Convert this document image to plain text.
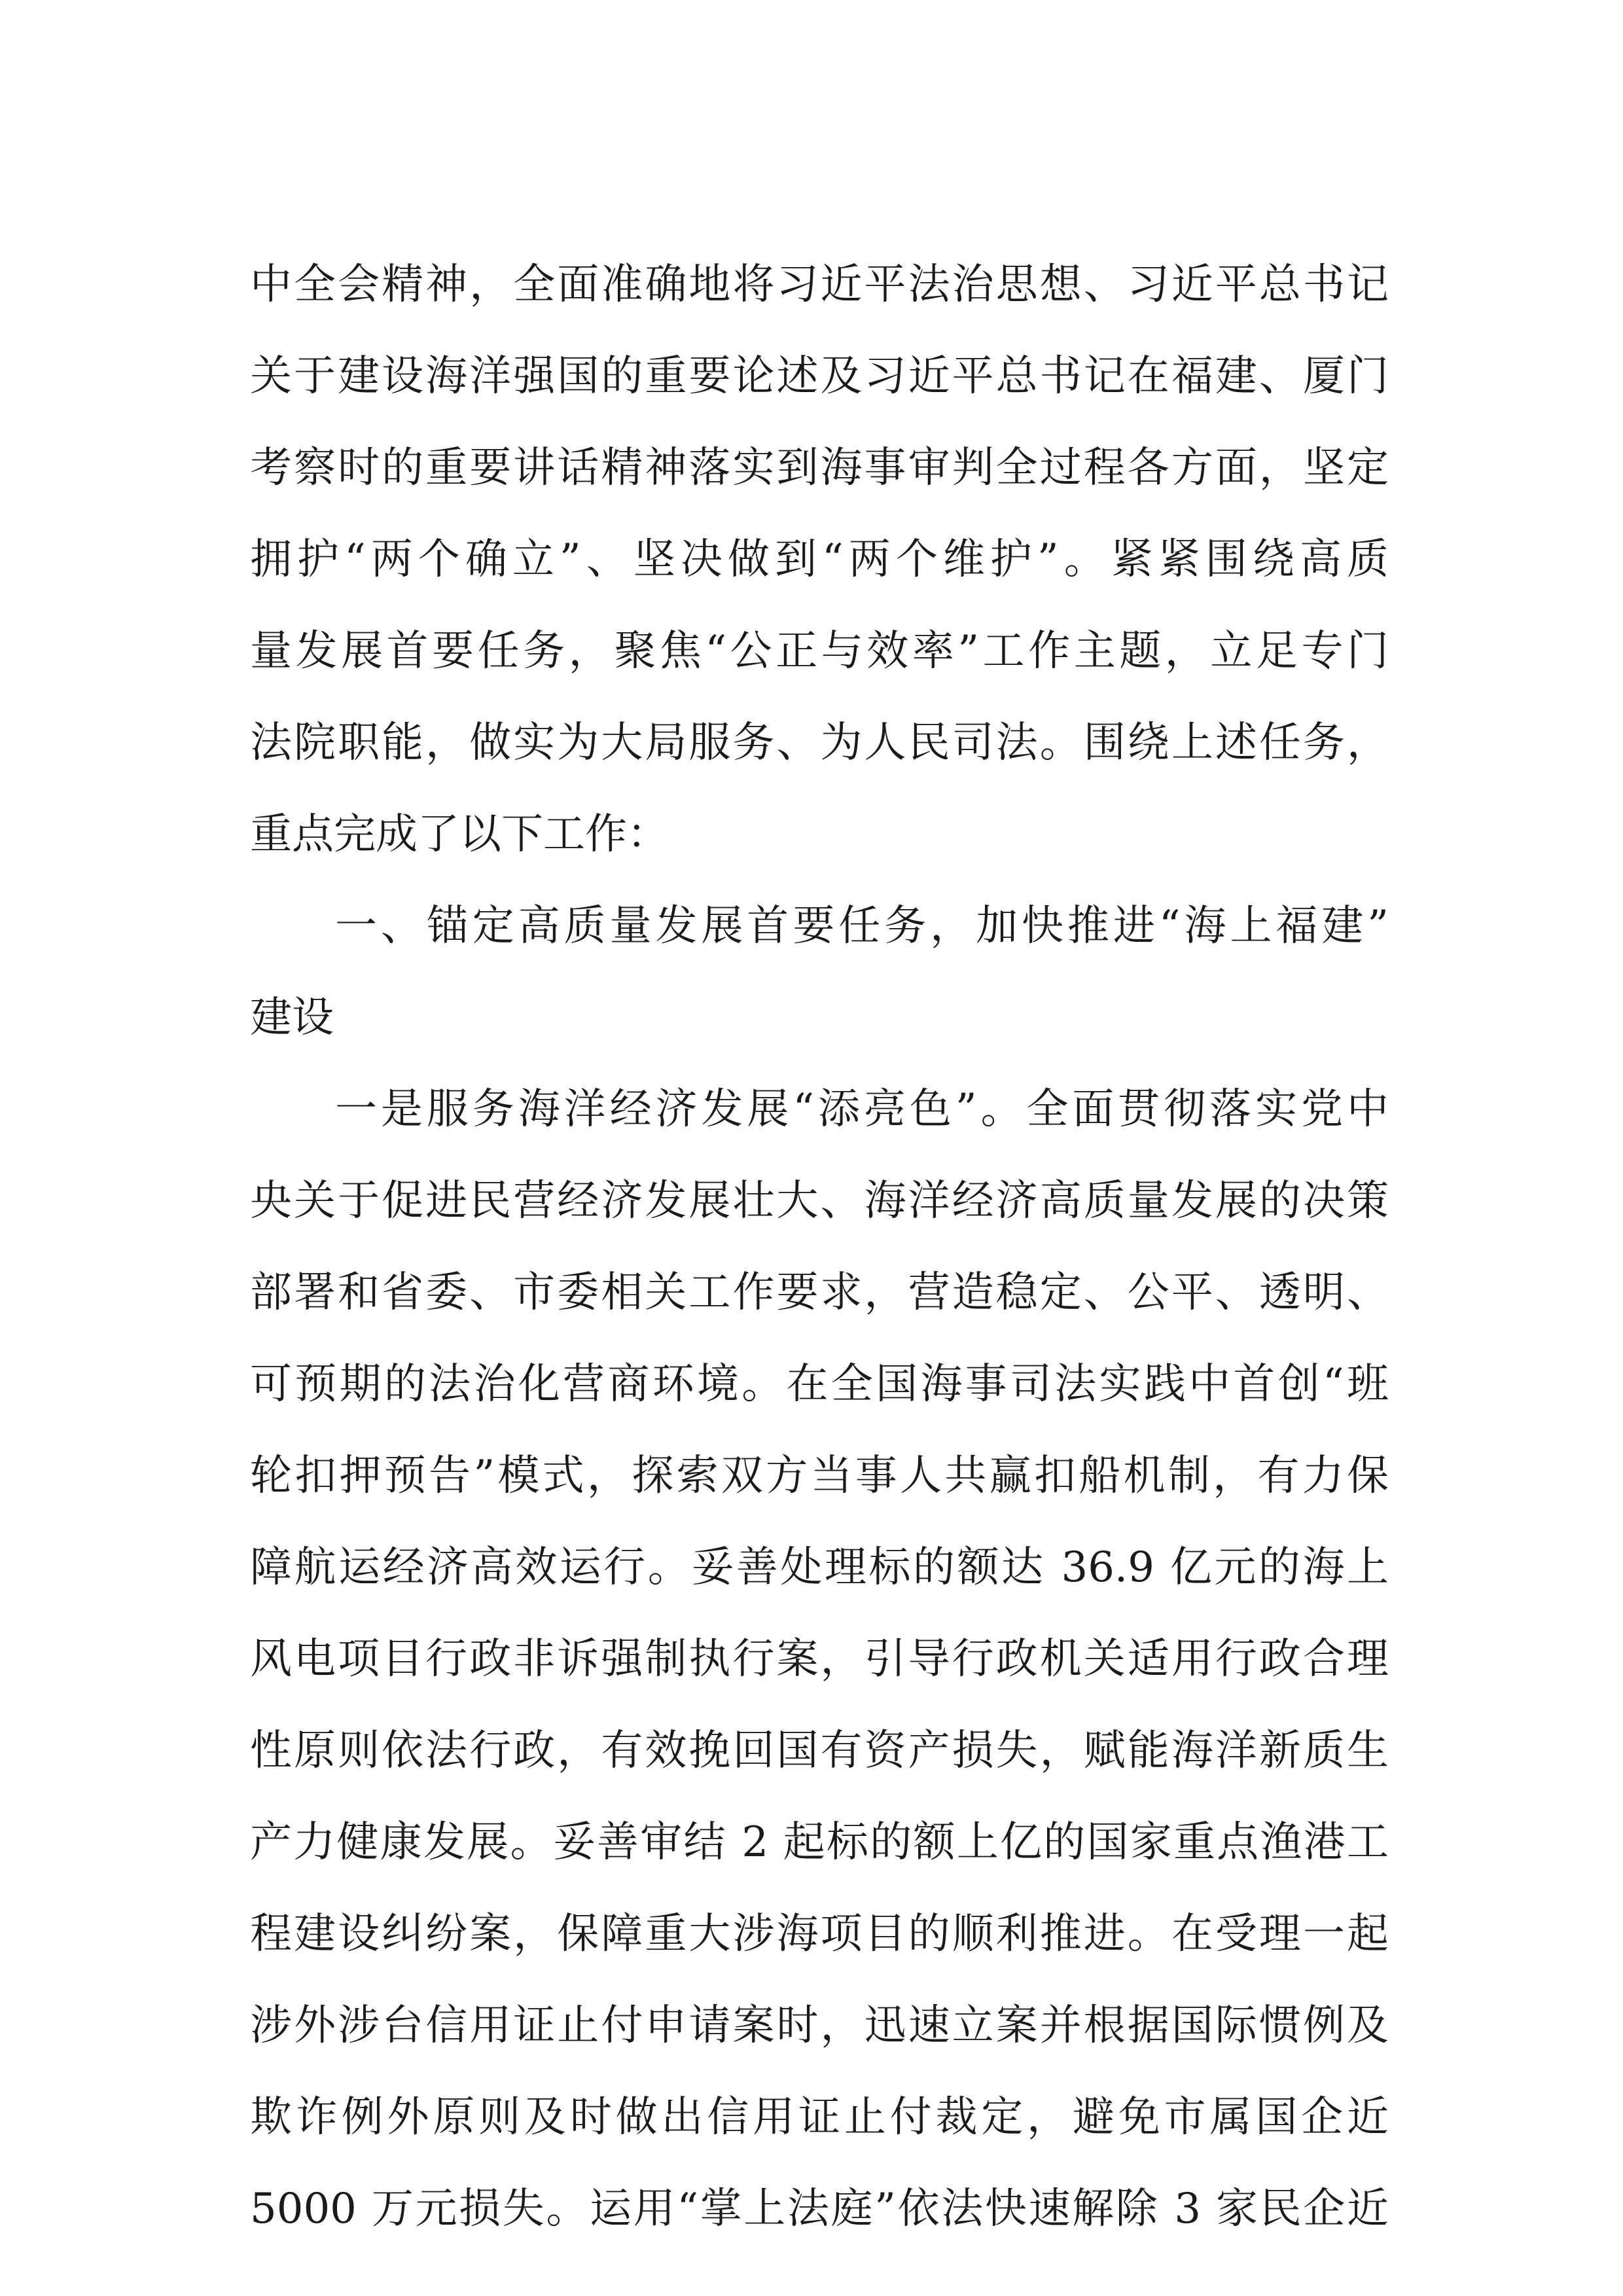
中全会精神，全面准确地将习近平法治思想、习近平总书记
关于建设海洋强国的重要论述及习近平总书记在福建、厦门
考察时的重要讲话精神落实到海事审判全过程各方面，坚定
拥护“两个确立”、坚决做到“两个维护”。紧紧围绕高质
量发展首要任务，聚焦“公正与效率”工作主题，立足专门
法院职能，做实为大局服务、为人民司法。围绕上述任务，
重点完成了以下工作：
一、锚定高质量发展首要任务，加快推进“海上福建”
建设
一是服务海洋经济发展“添亮色”。全面贯彻落实党中
央关于促进民营经济发展壮大、海洋经济高质量发展的决策
部署和省委、市委相关工作要求，营造稳定、公平、透明、
可预期的法治化营商环境。在全国海事司法实践中首创“班
轮扣押预告”模式，探索双方当事人共赢扣船机制，有力保
障航运经济高效运行。妥善处理标的额达 36.9 亿元的海上
风电项目行政非诉强制执行案，引导行政机关适用行政合理
性原则依法行政，有效挽回国有资产损失，赋能海洋新质生
产力健康发展。妥善审结 2 起标的额上亿的国家重点渔港工
程建设纠纷案，保障重大涉海项目的顺利推进。在受理一起
涉外涉台信用证止付申请案时，迅速立案并根据国际惯例及
欺诈例外原则及时做出信用证止付裁定，避免市属国企近
5000 万元损失。运用“掌上法庭”依法快速解除 3 家民企近
